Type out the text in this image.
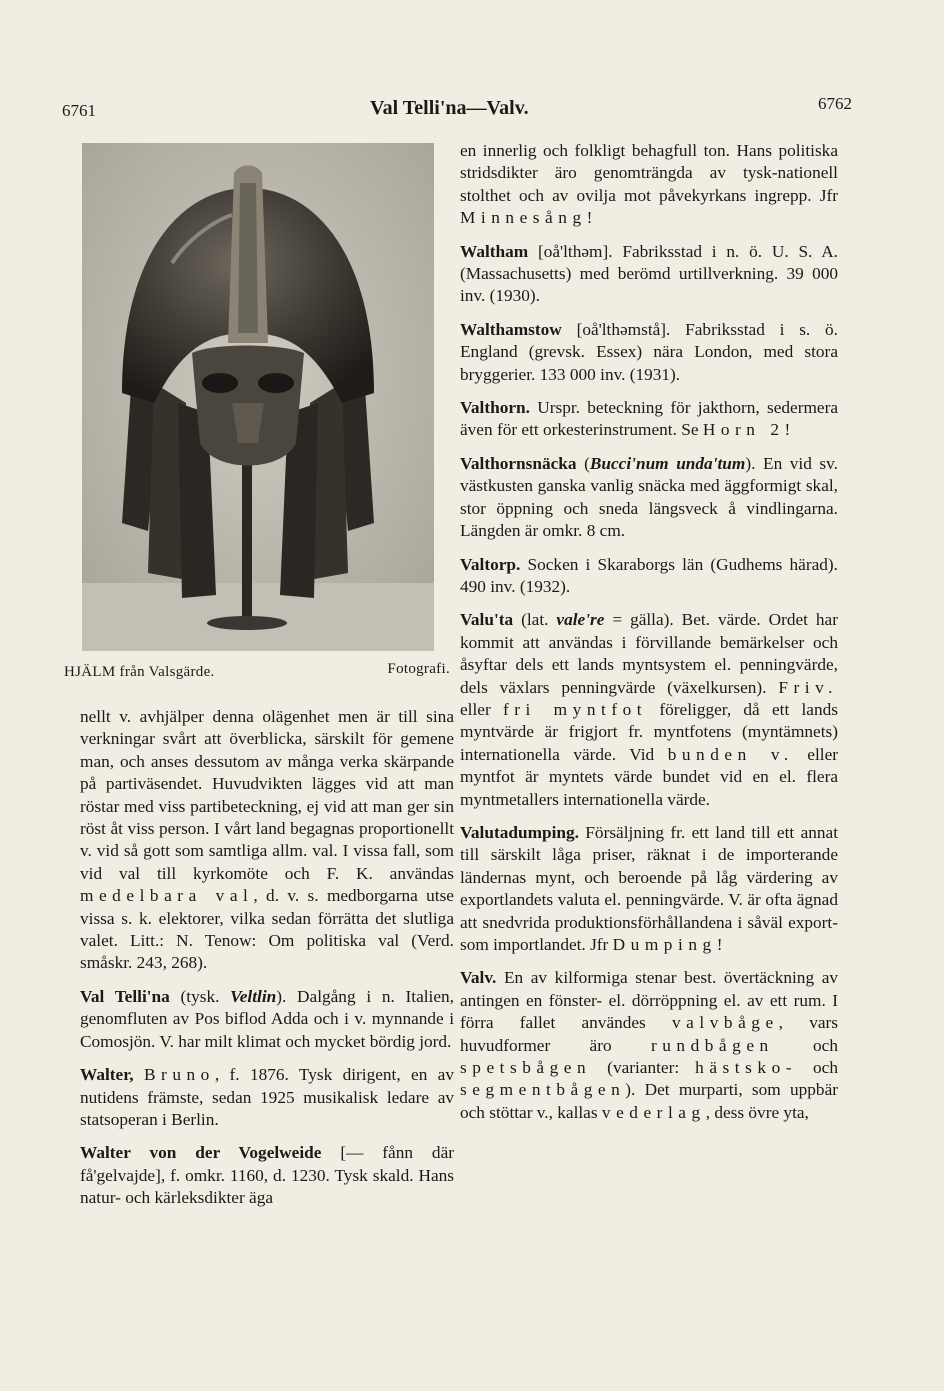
6761	Val Telli'na—Valv.	6762
HJÄLM från Valsgärde.	Fotografi.

nellt v. avhjälper denna olägenhet men är till sina verkningar svårt att överblicka, särskilt för gemene man, och anses dessutom av många verka skärpande på partiväsendet. Huvudvikten lägges vid att man röstar med viss partibeteckning, ej vid att man ger sin röst åt viss person. I vårt land begagnas proportionellt v. vid så gott som samtliga allm. val. I vissa fall, som vid val till kyrkomöte och F. K. användas medelbara val, d. v. s. medborgarna utse vissa s. k. elektorer, vilka sedan förrätta det slutliga valet. Litt.: N. Tenow: Om politiska val (Verd. småskr. 243, 268).

Val Telli'na (tysk. Veltlin). Dalgång i n. Italien, genomfluten av Pos biflod Adda och i v. mynnande i Comosjön. V. har milt klimat och mycket bördig jord.

Walter, Bruno, f. 1876. Tysk dirigent, en av nutidens främste, sedan 1925 musikalisk ledare av statsoperan i Berlin.

Walter von der Vogelweide [— fånn där få'gelvajde], f. omkr. 1160, d. 1230. Tysk skald. Hans natur- och kärleksdikter äga

en innerlig och folkligt behagfull ton. Hans politiska stridsdikter äro genomträngda av tysk-nationell stolthet och av ovilja mot påvekyrkans ingrepp. Jfr Minnesång!

Waltham [oå'lthəm]. Fabriksstad i n. ö. U. S. A. (Massachusetts) med berömd urtillverkning. 39 000 inv. (1930).

Walthamstow [oå'lthəmstå]. Fabriksstad i s. ö. England (grevsk. Essex) nära London, med stora bryggerier. 133 000 inv. (1931).

Valthorn. Urspr. beteckning för jakthorn, sedermera även för ett orkesterinstrument. Se Horn 2!

Valthornsnäcka (Bucci'num unda'tum). En vid sv. västkusten ganska vanlig snäcka med äggformigt skal, stor öppning och sneda längsveck å vindlingarna. Längden är omkr. 8 cm.

Valtorp. Socken i Skaraborgs län (Gudhems härad). 490 inv. (1932).

Valu'ta (lat. vale're = gälla). Bet. värde. Ordet har kommit att användas i förvillande bemärkelser och åsyftar dels ett lands myntsystem el. penningvärde, dels växlars penningvärde (växelkursen). Friv. eller fri myntfot föreligger, då ett lands myntvärde är frigjort fr. myntfotens (myntämnets) internationella värde. Vid bunden v. eller myntfot är myntets värde bundet vid en el. flera myntmetallers internationella värde.

Valutadumping. Försäljning fr. ett land till ett annat till särskilt låga priser, räknat i de importerande ländernas mynt, och beroende på låg värdering av exportlandets valuta el. penningvärde. V. är ofta ägnad att snedvrida produktionsförhållandena i såväl export- som importlandet. Jfr Dumping!

Valv. En av kilformiga stenar best. övertäckning av antingen en fönster- el. dörröppning el. av ett rum. I förra fallet användes valvbåge, vars huvudformer äro rundbågen och spetsbågen (varianter: hästsko- och segmentbågen). Det murparti, som uppbär och stöttar v., kallas vederlag, dess övre yta,
